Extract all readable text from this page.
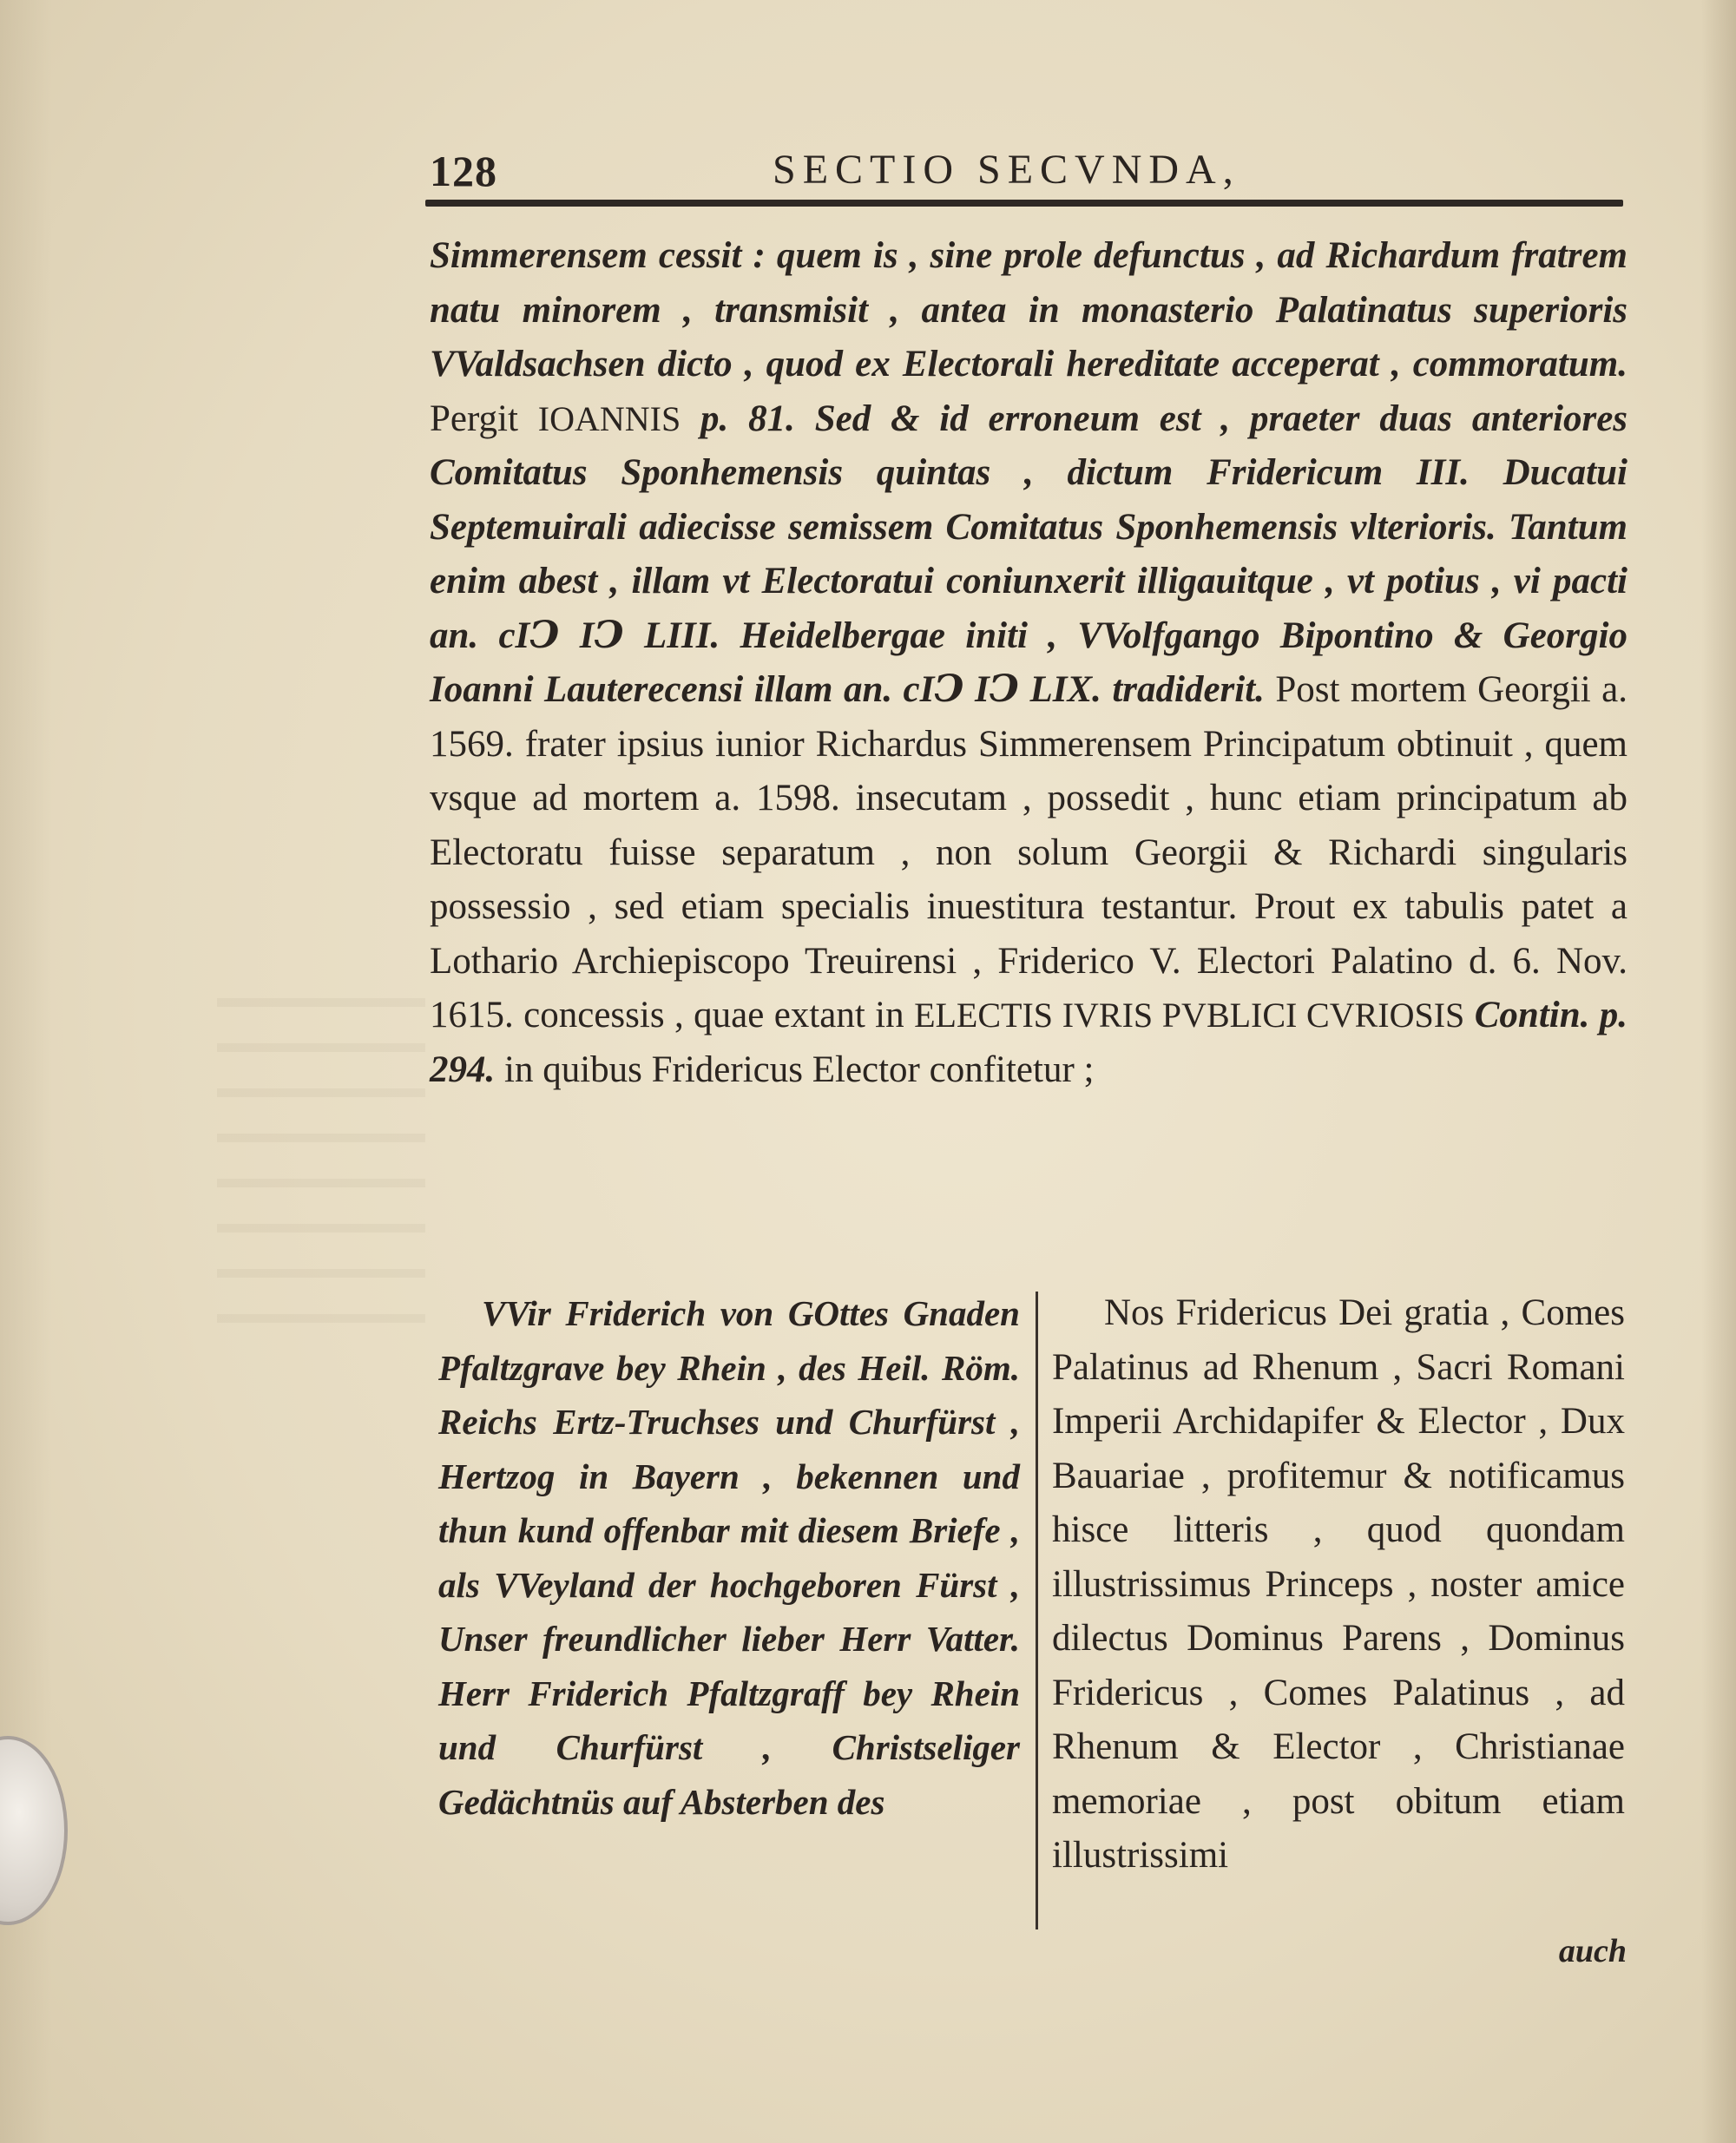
128	SECTIO SECVNDA,
Simmerensem cessit : quem is , sine prole defunctus , ad Richardum fratrem natu minorem , transmisit , antea in monasterio Palatinatus superioris VValdsachsen dicto , quod ex Electorali hereditate acceperat , commoratum. Pergit IOANNIS p. 81. Sed & id erroneum est , praeter duas anteriores Comitatus Sponhemensis quintas , dictum Fridericum III. Ducatui Septemuirali adiecisse semissem Comitatus Sponhemensis vlterioris. Tantum enim abest , illam vt Electoratui coniunxerit illigauitque , vt potius , vi pacti an. cIↃ IↃ LIII. Heidelbergae initi , VVolfgango Bipontino & Georgio Ioanni Lauterecensi illam an. cIↃ IↃ LIX. tradiderit. Post mortem Georgii a. 1569. frater ipsius iunior Richardus Simmerensem Principatum obtinuit , quem vsque ad mortem a. 1598. insecutam , possedit , hunc etiam principatum ab Electoratu fuisse separatum , non solum Georgii & Richardi singularis possessio , sed etiam specialis inuestitura testantur. Prout ex tabulis patet a Lothario Archiepiscopo Treuirensi , Friderico V. Electori Palatino d. 6. Nov. 1615. concessis , quae extant in ELECTIS IVRIS PVBLICI CVRIOSIS Contin. p. 294. in quibus Fridericus Elector confitetur ;
VVir Friderich von GOttes Gnaden Pfaltzgrave bey Rhein , des Heil. Röm. Reichs Ertz-Truchses und Churfürst , Hertzog in Bayern , bekennen und thun kund offenbar mit diesem Briefe , als VVeyland der hochgeboren Fürst , Unser freundlicher lieber Herr Vatter. Herr Friderich Pfaltzgraff bey Rhein und Churfürst , Christseliger Gedächtnüs auf Absterben des
Nos Fridericus Dei gratia , Comes Palatinus ad Rhenum , Sacri Romani Imperii Archidapifer & Elector , Dux Bauariae , profitemur & notificamus hisce litteris , quod quondam illustrissimus Princeps , noster amice dilectus Dominus Parens , Dominus Fridericus , Comes Palatinus , ad Rhenum & Elector , Christianae memoriae , post obitum etiam illustrissimi
auch
